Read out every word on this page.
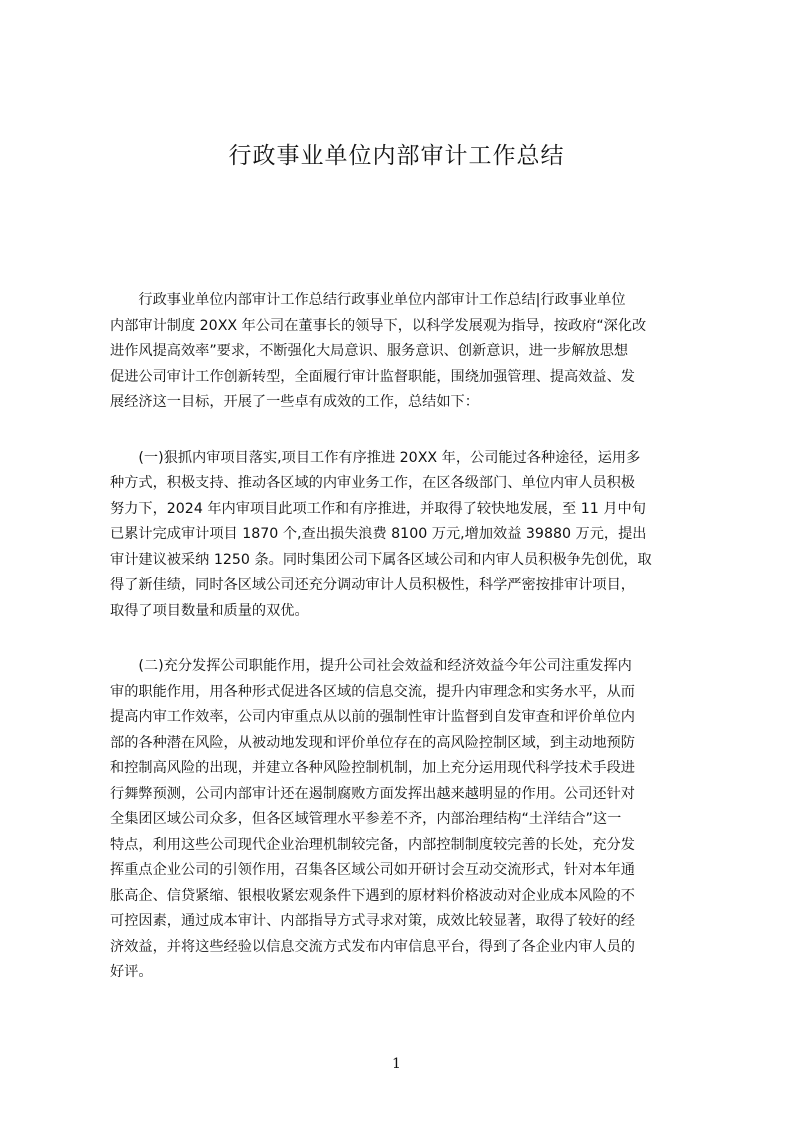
行政事业单位内部审计工作总结
　　行政事业单位内部审计工作总结行政事业单位内部审计工作总结|行政事业单位
内部审计制度 20XX 年公司在董事长的领导下，以科学发展观为指导，按政府“深化改
进作风提高效率”要求，不断强化大局意识、服务意识、创新意识，进一步解放思想
促进公司审计工作创新转型，全面履行审计监督职能，围绕加强管理、提高效益、发
展经济这一目标，开展了一些卓有成效的工作，总结如下：
　　(一)狠抓内审项目落实,项目工作有序推进 20XX 年，公司能过各种途径，运用多
种方式，积极支持、推动各区域的内审业务工作，在区各级部门、单位内审人员积极
努力下，2024 年内审项目此项工作和有序推进，并取得了较快地发展，至 11 月中旬
已累计完成审计项目 1870 个,查出损失浪费 8100 万元,增加效益 39880 万元，提出
审计建议被采纳 1250 条。同时集团公司下属各区域公司和内审人员积极争先创优，取
得了新佳绩，同时各区域公司还充分调动审计人员积极性，科学严密按排审计项目，
取得了项目数量和质量的双优。
　　(二)充分发挥公司职能作用，提升公司社会效益和经济效益今年公司注重发挥内
审的职能作用，用各种形式促进各区域的信息交流，提升内审理念和实务水平，从而
提高内审工作效率，公司内审重点从以前的强制性审计监督到自发审查和评价单位内
部的各种潜在风险，从被动地发现和评价单位存在的高风险控制区域，到主动地预防
和控制高风险的出现，并建立各种风险控制机制，加上充分运用现代科学技术手段进
行舞弊预测，公司内部审计还在遏制腐败方面发挥出越来越明显的作用。公司还针对
全集团区域公司众多，但各区域管理水平参差不齐，内部治理结构“土洋结合”这一
特点，利用这些公司现代企业治理机制较完备，内部控制制度较完善的长处，充分发
挥重点企业公司的引领作用，召集各区域公司如开研讨会互动交流形式，针对本年通
胀高企、信贷紧缩、银根收紧宏观条件下遇到的原材料价格波动对企业成本风险的不
可控因素，通过成本审计、内部指导方式寻求对策，成效比较显著，取得了较好的经
济效益，并将这些经验以信息交流方式发布内审信息平台，得到了各企业内审人员的
好评。
1
